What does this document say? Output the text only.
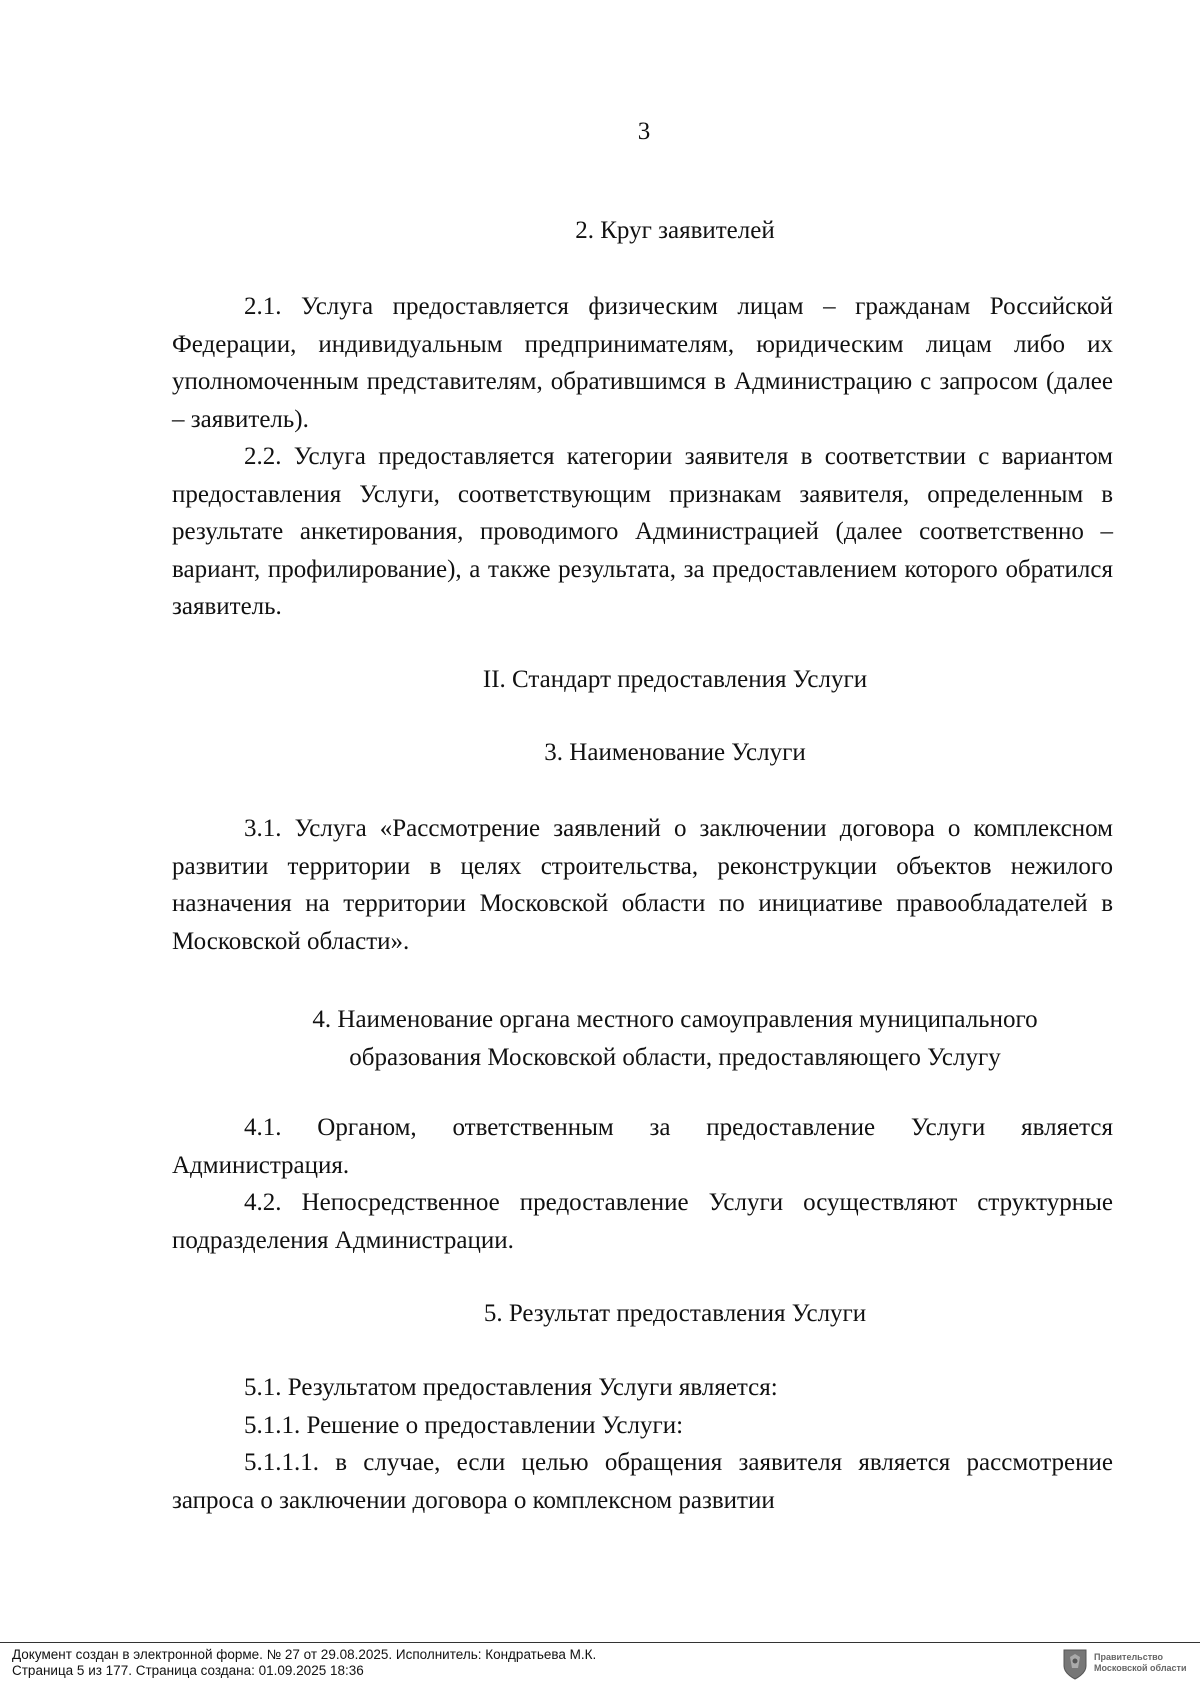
3
2. Круг заявителей

2.1. Услуга предоставляется физическим лицам – гражданам Российской Федерации, индивидуальным предпринимателям, юридическим лицам либо их уполномоченным представителям, обратившимся в Администрацию с запросом (далее – заявитель).

2.2. Услуга предоставляется категории заявителя в соответствии с вариантом предоставления Услуги, соответствующим признакам заявителя, определенным в результате анкетирования, проводимого Администрацией (далее соответственно – вариант, профилирование), а также результата, за предоставлением которого обратился заявитель.

II. Стандарт предоставления Услуги
3. Наименование Услуги

3.1. Услуга «Рассмотрение заявлений о заключении договора о комплексном развитии территории в целях строительства, реконструкции объектов нежилого назначения на территории Московской области по инициативе правообладателей в Московской области».

4. Наименование органа местного самоуправления муниципального
образования Московской области, предоставляющего Услугу

4.1. Органом, ответственным за предоставление Услуги является Администрация.

4.2. Непосредственное предоставление Услуги осуществляют структурные подразделения Администрации.

5. Результат предоставления Услуги

5.1. Результатом предоставления Услуги является:

5.1.1. Решение о предоставлении Услуги:

5.1.1.1. в случае, если целью обращения заявителя является рассмотрение запроса о заключении договора о комплексном развитии

Документ создан в электронной форме. № 27 от 29.08.2025. Исполнитель: Кондратьева М.К.
Страница 5 из 177. Страница создана: 01.09.2025 18:36
Правительство
Московской области
